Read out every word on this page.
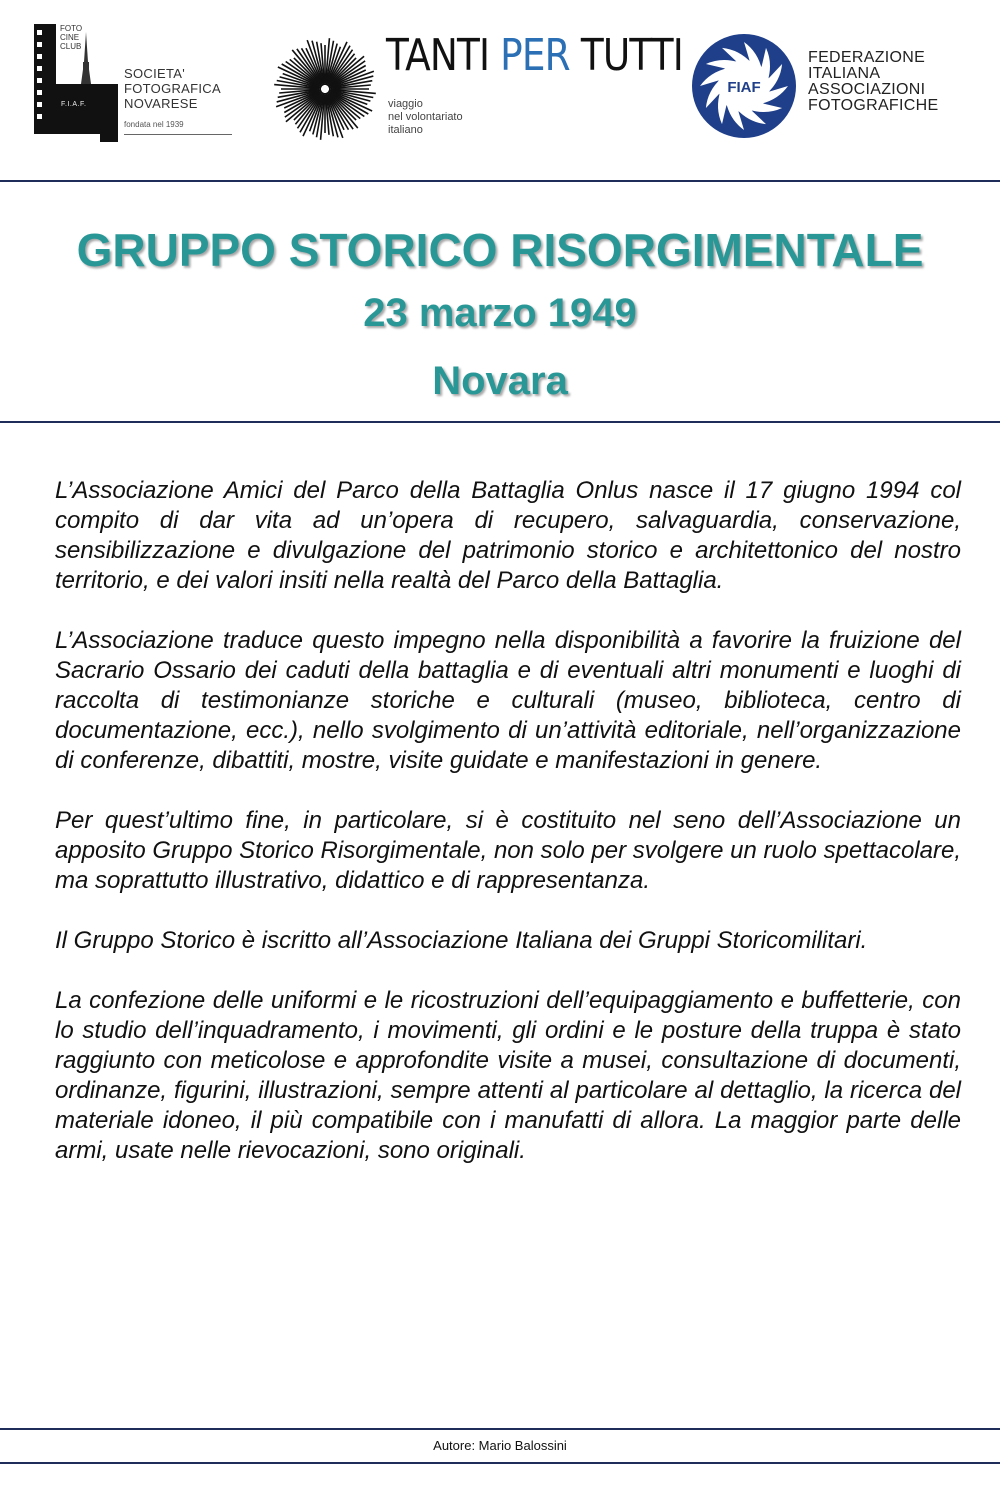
FOTO
CINE
CLUB
F.I.A.F.
SOCIETA'
FOTOGRAFICA
NOVARESE
fondata nel 1939
TANTI PER TUTTI
viaggio
nel volontariato
italiano
FIAF
FEDERAZIONE
ITALIANA
ASSOCIAZIONI
FOTOGRAFICHE
GRUPPO STORICO RISORGIMENTALE
23 marzo 1949
Novara

L’Associazione Amici del Parco della Battaglia Onlus nasce il 17 giugno 1994 col compito di dar vita ad un’opera di recupero, salvaguardia, conservazione, sensibilizzazione e divulgazione del patrimonio storico e architettonico del nostro territorio, e dei valori insiti nella realtà del Parco della Battaglia.

L’Associazione traduce questo impegno nella disponibilità a favorire la fruizione del Sacrario Ossario dei caduti della battaglia e di eventuali altri monumenti e luoghi di raccolta di testimonianze storiche e culturali (museo, biblioteca, centro di documentazione, ecc.), nello svolgimento di un’attività editoriale, nell’organizzazione di conferenze, dibattiti, mostre, visite guidate e manifestazioni in genere.

Per quest’ultimo fine, in particolare, si è costituito nel seno dell’Associazione un apposito Gruppo Storico Risorgimentale, non solo per svolgere un ruolo spettacolare, ma soprattutto illustrativo, didattico e di rappresentanza.

Il Gruppo Storico è iscritto all’Associazione Italiana dei Gruppi Storicomilitari.

La confezione delle uniformi e le ricostruzioni dell’equipaggiamento e buffetterie, con lo studio dell’inquadramento, i movimenti, gli ordini e le posture della truppa è stato raggiunto con meticolose e approfondite visite a musei, consultazione di documenti, ordinanze, figurini, illustrazioni, sempre attenti al particolare al dettaglio, la ricerca del materiale idoneo, il più compatibile con i manufatti di allora. La maggior parte delle armi, usate nelle rievocazioni, sono originali.

Autore: Mario Balossini
